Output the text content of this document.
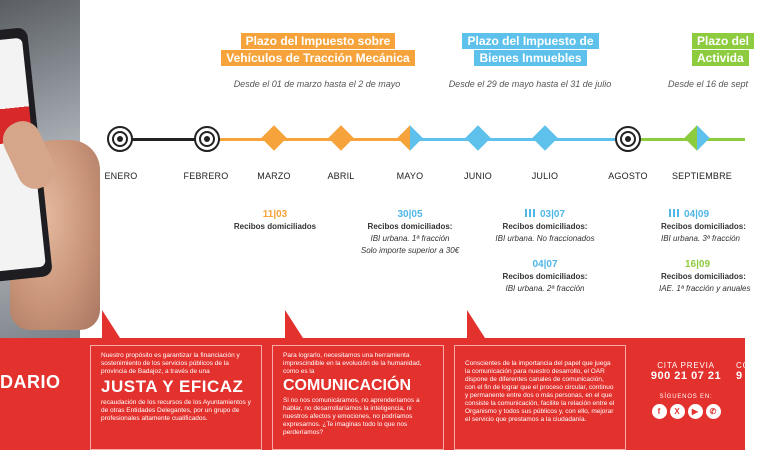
Plazo del Impuesto sobre
Vehículos de Tracción Mecánica
Desde el 01 de marzo hasta el 2 de mayo
Plazo del Impuesto de
Bienes Inmuebles
Desde el 29 de mayo hasta el 31 de julio
Plazo del
Activida
Desde el 16 de sept
ENERO	FEBRERO	MARZO	ABRIL	MAYO	JUNIO	JULIO	AGOSTO	SEPTIEMBRE
11|03
Recibos domiciliados
30|05
Recibos domiciliados:
IBI urbana. 1ª fracción
Solo importe superior a 30€
03|07
Recibos domiciliados:
IBI urbana. No fraccionados
04|07
Recibos domiciliados:
IBI urbana. 2ª fracción
04|09
Recibos domiciliados:
IBI urbana. 3ª fracción
16|09
Recibos domiciliados:
IAE. 1ª fracción y anuales
DARIO

Nuestro propósito es garantizar la financiación y sostenimiento de los servicios públicos de la provincia de Badajoz, a través de una

JUSTA Y EFICAZ

recaudación de los recursos de los Ayuntamientos y de otras Entidades Delegantes, por un grupo de profesionales altamente cualificados.

Para lograrlo, necesitamos una herramienta imprescindible en la evolución de la humanidad, como es la

COMUNICACIÓN

Si no nos comunicáramos, no aprenderíamos a hablar, no desarrollaríamos la inteligencia, ni nuestros afectos y emociones, no podríamos expresarnos. ¿Te imaginas todo lo que nos perderíamos?

Conscientes de la importancia del papel que juega la comunicación para nuestro desarrollo, el OAR dispone de diferentes canales de comunicación, con el fin de lograr que el proceso circular, continuo y permanente entre dos o más personas, en el que consiste la comunicación, facilite la relación entre el Organismo y todos sus públicos y, con ello, mejorar el servicio que prestamos a la ciudadanía.

CITA PREVIA
900 21 07 21
SÍGUENOS EN:
f	X	▶	✆
CO
9
